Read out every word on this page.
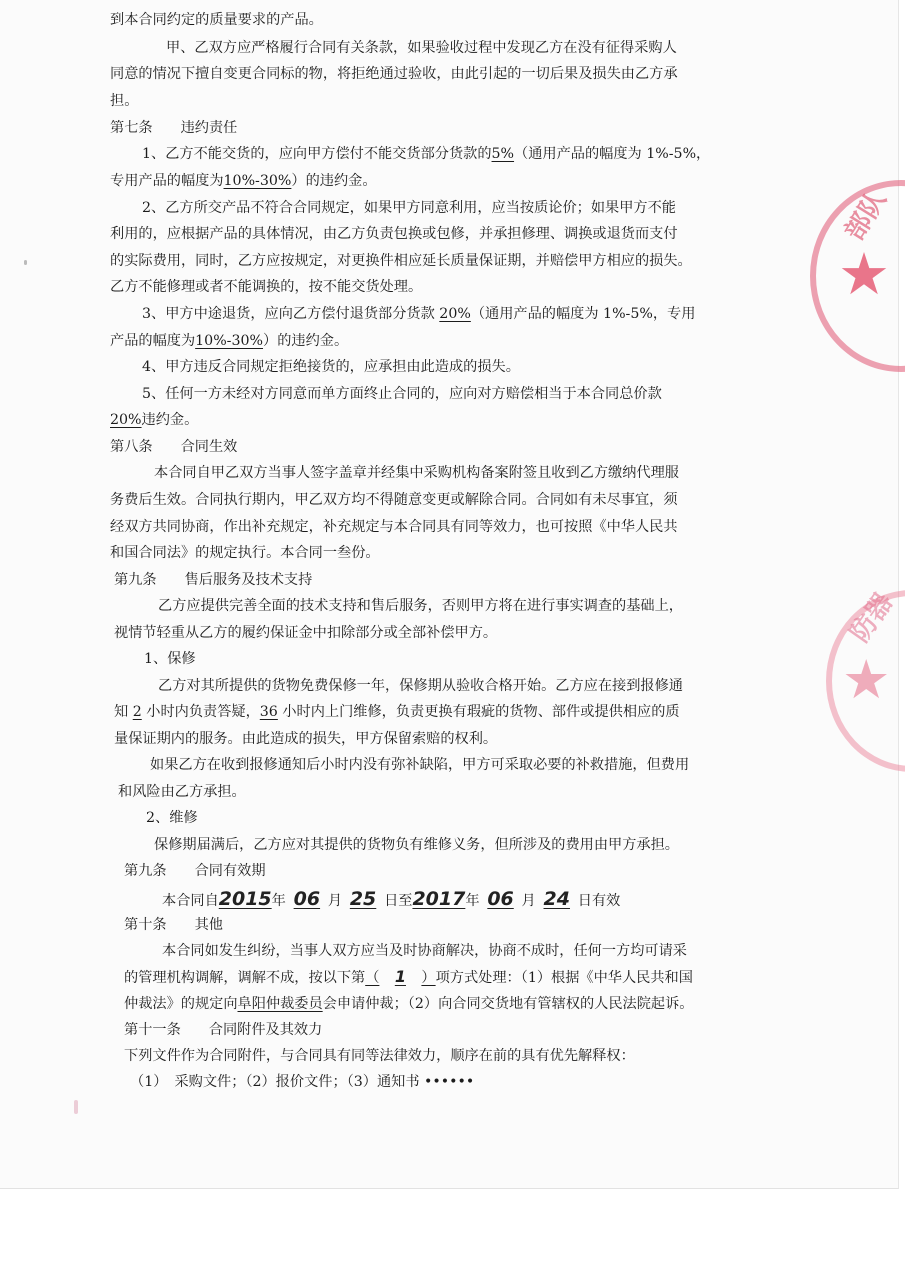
部队
★
防器
★
到本合同约定的质量要求的产品。
甲、乙双方应严格履行合同有关条款，如果验收过程中发现乙方在没有征得采购人
同意的情况下擅自变更合同标的物，将拒绝通过验收，由此引起的一切后果及损失由乙方承
担。
第七条 违约责任
1、乙方不能交货的，应向甲方偿付不能交货部分货款的5%（通用产品的幅度为 1%-5%，
专用产品的幅度为10%-30%）的违约金。
2、乙方所交产品不符合合同规定，如果甲方同意利用，应当按质论价；如果甲方不能
利用的，应根据产品的具体情况，由乙方负责包换或包修，并承担修理、调换或退货而支付
的实际费用，同时，乙方应按规定，对更换件相应延长质量保证期，并赔偿甲方相应的损失。
乙方不能修理或者不能调换的，按不能交货处理。
3、甲方中途退货，应向乙方偿付退货部分货款 20%（通用产品的幅度为 1%-5%，专用
产品的幅度为10%-30%）的违约金。
4、甲方违反合同规定拒绝接货的，应承担由此造成的损失。
5、任何一方未经对方同意而单方面终止合同的，应向对方赔偿相当于本合同总价款
20%违约金。
第八条 合同生效
本合同自甲乙双方当事人签字盖章并经集中采购机构备案附签且收到乙方缴纳代理服
务费后生效。合同执行期内，甲乙双方均不得随意变更或解除合同。合同如有未尽事宜，须
经双方共同协商，作出补充规定，补充规定与本合同具有同等效力，也可按照《中华人民共
和国合同法》的规定执行。本合同一叁份。
第九条 售后服务及技术支持
乙方应提供完善全面的技术支持和售后服务，否则甲方将在进行事实调查的基础上，
视情节轻重从乙方的履约保证金中扣除部分或全部补偿甲方。
1、保修
乙方对其所提供的货物免费保修一年，保修期从验收合格开始。乙方应在接到报修通
知 2 小时内负责答疑，36 小时内上门维修，负责更换有瑕疵的货物、部件或提供相应的质
量保证期内的服务。由此造成的损失，甲方保留索赔的权利。
如果乙方在收到报修通知后小时内没有弥补缺陷，甲方可采取必要的补救措施，但费用
和风险由乙方承担。
2、维修
保修期届满后，乙方应对其提供的货物负有维修义务，但所涉及的费用由甲方承担。
第九条 合同有效期
本合同自2015年 06 月 25 日至2017年 06 月 24 日有效
第十条 其他
本合同如发生纠纷，当事人双方应当及时协商解决，协商不成时，任何一方均可请采
的管理机构调解，调解不成，按以下第（ 1 ）项方式处理：（1）根据《中华人民共和国
仲裁法》的规定向阜阳仲裁委员会申请仲裁；（2）向合同交货地有管辖权的人民法院起诉。
第十一条 合同附件及其效力
下列文件作为合同附件，与合同具有同等法律效力，顺序在前的具有优先解释权：
（1）　采购文件；（2）报价文件；（3）通知书 ••••••
